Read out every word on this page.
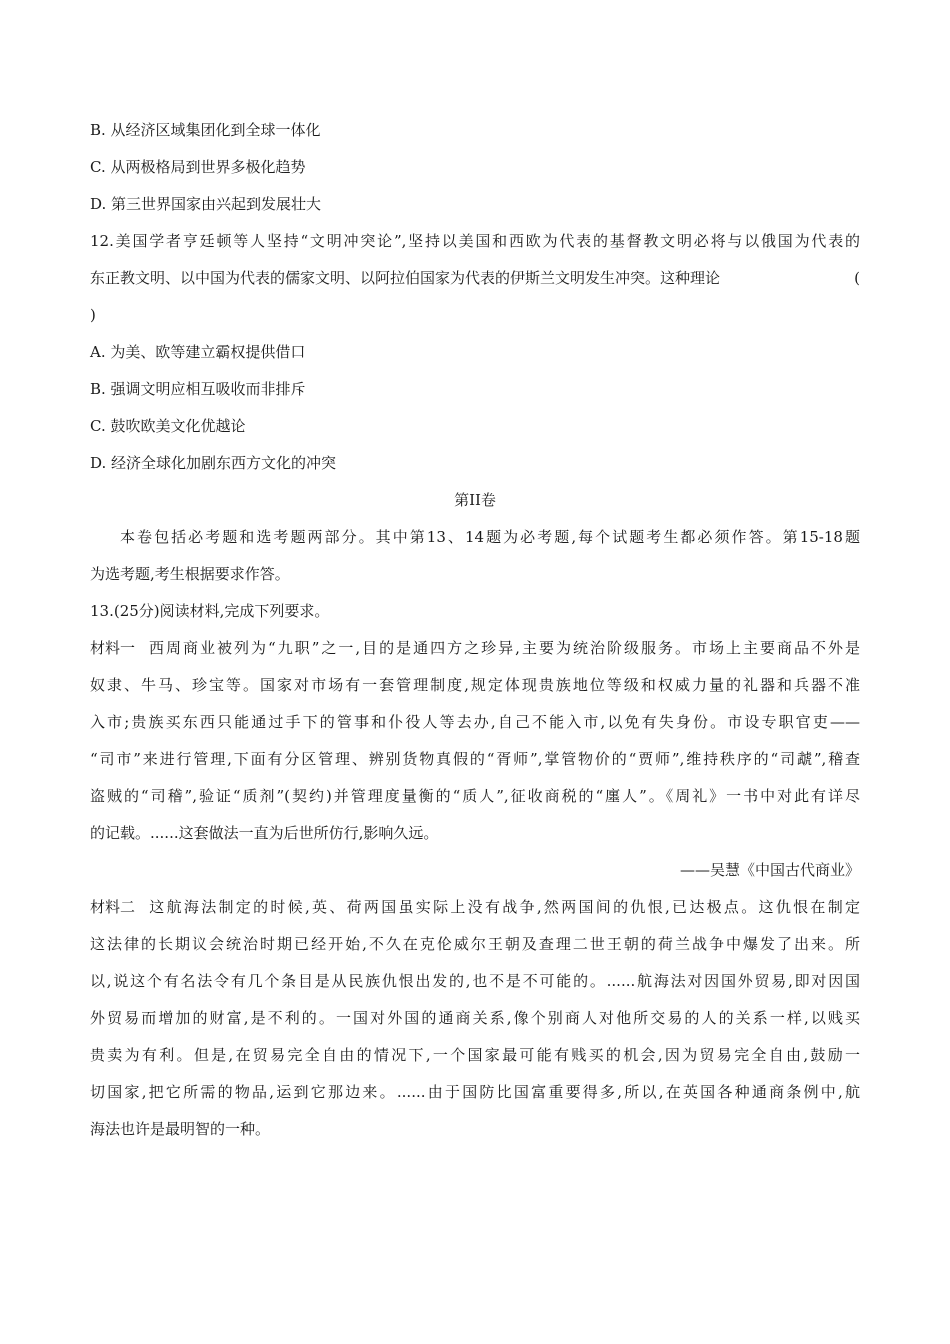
B. 从经济区域集团化到全球一体化

C. 从两极格局到世界多极化趋势

D. 第三世界国家由兴起到发展壮大

12.美国学者亨廷顿等人坚持“文明冲突论”,坚持以美国和西欧为代表的基督教文明必将与以俄国为代表的

东正教文明、以中国为代表的儒家文明、以阿拉伯国家为代表的伊斯兰文明发生冲突。这种理论	(

)

A. 为美、欧等建立霸权提供借口

B. 强调文明应相互吸收而非排斥

C. 鼓吹欧美文化优越论

D. 经济全球化加剧东西方文化的冲突

第II卷

本卷包括必考题和选考题两部分。其中第13、14题为必考题,每个试题考生都必须作答。第15-18题

为选考题,考生根据要求作答。

13.(25分)阅读材料,完成下列要求。

材料一 西周商业被列为“九职”之一,目的是通四方之珍异,主要为统治阶级服务。市场上主要商品不外是

奴隶、牛马、珍宝等。国家对市场有一套管理制度,规定体现贵族地位等级和权威力量的礼器和兵器不准

入市;贵族买东西只能通过手下的管事和仆役人等去办,自己不能入市,以免有失身份。市设专职官吏——

“司市”来进行管理,下面有分区管理、辨别货物真假的“胥师”,掌管物价的“贾师”,维持秩序的“司虣”,稽查

盗贼的“司稽”,验证“质剂”(契约)并管理度量衡的“质人”,征收商税的“廛人”。《周礼》一书中对此有详尽

的记载。......这套做法一直为后世所仿行,影响久远。

——吴慧《中国古代商业》

材料二 这航海法制定的时候,英、荷两国虽实际上没有战争,然两国间的仇恨,已达极点。这仇恨在制定

这法律的长期议会统治时期已经开始,不久在克伦威尔王朝及查理二世王朝的荷兰战争中爆发了出来。所

以,说这个有名法令有几个条目是从民族仇恨出发的,也不是不可能的。......航海法对因国外贸易,即对因国

外贸易而增加的财富,是不利的。一国对外国的通商关系,像个别商人对他所交易的人的关系一样,以贱买

贵卖为有利。但是,在贸易完全自由的情况下,一个国家最可能有贱买的机会,因为贸易完全自由,鼓励一

切国家,把它所需的物品,运到它那边来。......由于国防比国富重要得多,所以,在英国各种通商条例中,航

海法也许是最明智的一种。
